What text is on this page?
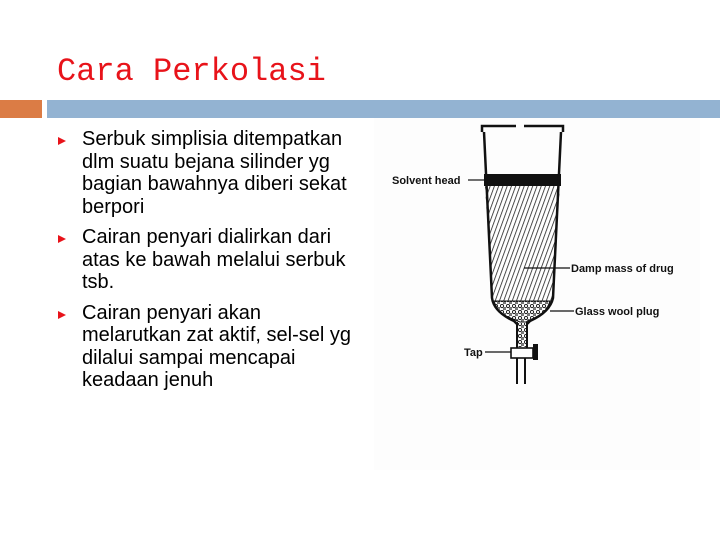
Cara Perkolasi
Serbuk simplisia ditempatkan dlm suatu bejana silinder yg bagian bawahnya diberi sekat berpori
Cairan penyari dialirkan dari atas ke bawah melalui serbuk tsb.
Cairan penyari akan melarutkan zat aktif, sel-sel yg dilalui sampai mencapai keadaan jenuh
Solvent head
Damp mass of drug
Glass wool plug
Tap
